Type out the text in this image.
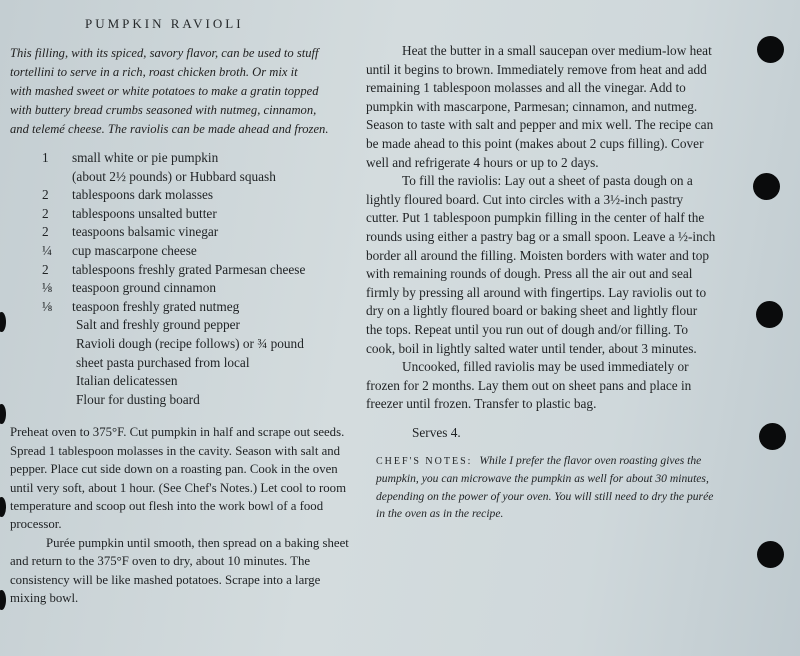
PUMPKIN RAVIOLI

This filling, with its spiced, savory flavor, can be used to stuff
tortellini to serve in a rich, roast chicken broth. Or mix it
with mashed sweet or white potatoes to make a gratin topped
with buttery bread crumbs seasoned with nutmeg, cinnamon,
and telemé cheese. The raviolis can be made ahead and frozen.

1	small white or pie pumpkin
(about 2½ pounds) or Hubbard squash
2	tablespoons dark molasses
2	tablespoons unsalted butter
2	teaspoons balsamic vinegar
¼	cup mascarpone cheese
2	tablespoons freshly grated Parmesan cheese
⅛	teaspoon ground cinnamon
⅛	teaspoon freshly grated nutmeg
Salt and freshly ground pepper
Ravioli dough (recipe follows) or ¾ pound
sheet pasta purchased from local
Italian delicatessen
Flour for dusting board

Preheat oven to 375°F. Cut pumpkin in half and scrape out seeds. Spread 1 tablespoon molasses in the cavity. Season with salt and pepper. Place cut side down on a roasting pan. Cook in the oven until very soft, about 1 hour. (See Chef's Notes.) Let cool to room temperature and scoop out flesh into the work bowl of a food processor.

Purée pumpkin until smooth, then spread on a baking sheet and return to the 375°F oven to dry, about 10 minutes. The consistency will be like mashed potatoes. Scrape into a large mixing bowl.

Heat the butter in a small saucepan over medium-low heat until it begins to brown. Immediately remove from heat and add remaining 1 tablespoon molasses and all the vinegar. Add to pumpkin with mascarpone, Parmesan; cinnamon, and nutmeg. Season to taste with salt and pepper and mix well. The recipe can be made ahead to this point (makes about 2 cups filling). Cover well and refrigerate 4 hours or up to 2 days.

To fill the raviolis: Lay out a sheet of pasta dough on a lightly floured board. Cut into circles with a 3½-inch pastry cutter. Put 1 tablespoon pumpkin filling in the center of half the rounds using either a pastry bag or a small spoon. Leave a ½-inch border all around the filling. Moisten borders with water and top with remaining rounds of dough. Press all the air out and seal firmly by pressing all around with fingertips. Lay raviolis out to dry on a lightly floured board or baking sheet and lightly flour the tops. Repeat until you run out of dough and/or filling. To cook, boil in lightly salted water until tender, about 3 minutes.

Uncooked, filled raviolis may be used immediately or frozen for 2 months. Lay them out on sheet pans and place in freezer until frozen. Transfer to plastic bag.

Serves 4.

CHEF'S NOTES: While I prefer the flavor oven roasting gives the pumpkin, you can microwave the pumpkin as well for about 30 minutes, depending on the power of your oven. You will still need to dry the purée in the oven as in the recipe.
